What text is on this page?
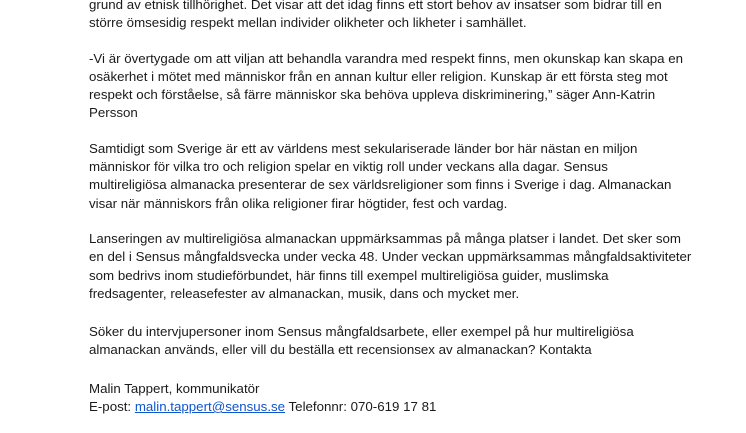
grund av etnisk tillhörighet. Det visar att det idag finns ett stort behov av insatser som bidrar till en
större ömsesidig respekt mellan individer olikheter och likheter i samhället.
-Vi är övertygade om att viljan att behandla varandra med respekt finns, men okunskap kan skapa en
osäkerhet i mötet med människor från en annan kultur eller religion. Kunskap är ett första steg mot
respekt och förståelse, så färre människor ska behöva uppleva diskriminering,” säger Ann-Katrin
Persson
Samtidigt som Sverige är ett av världens mest sekulariserade länder bor här nästan en miljon
människor för vilka tro och religion spelar en viktig roll under veckans alla dagar. Sensus
multireligiösa almanacka presenterar de sex världsreligioner som finns i Sverige i dag. Almanackan
visar när människors från olika religioner firar högtider, fest och vardag.
Lanseringen av multireligiösa almanackan uppmärksammas på många platser i landet. Det sker som
en del i Sensus mångfaldsvecka under vecka 48. Under veckan uppmärksammas mångfaldsaktiviteter
som bedrivs inom studieförbundet, här finns till exempel multireligiösa guider, muslimska
fredsagenter, releasefester av almanackan, musik, dans och mycket mer.
Söker du intervjupersoner inom Sensus mångfaldsarbete, eller exempel på hur multireligiösa
almanackan används, eller vill du beställa ett recensionsex av almanackan? Kontakta
Malin Tappert, kommunikatör
E-post: malin.tappert@sensus.se Telefonnr: 070-619 17 81
